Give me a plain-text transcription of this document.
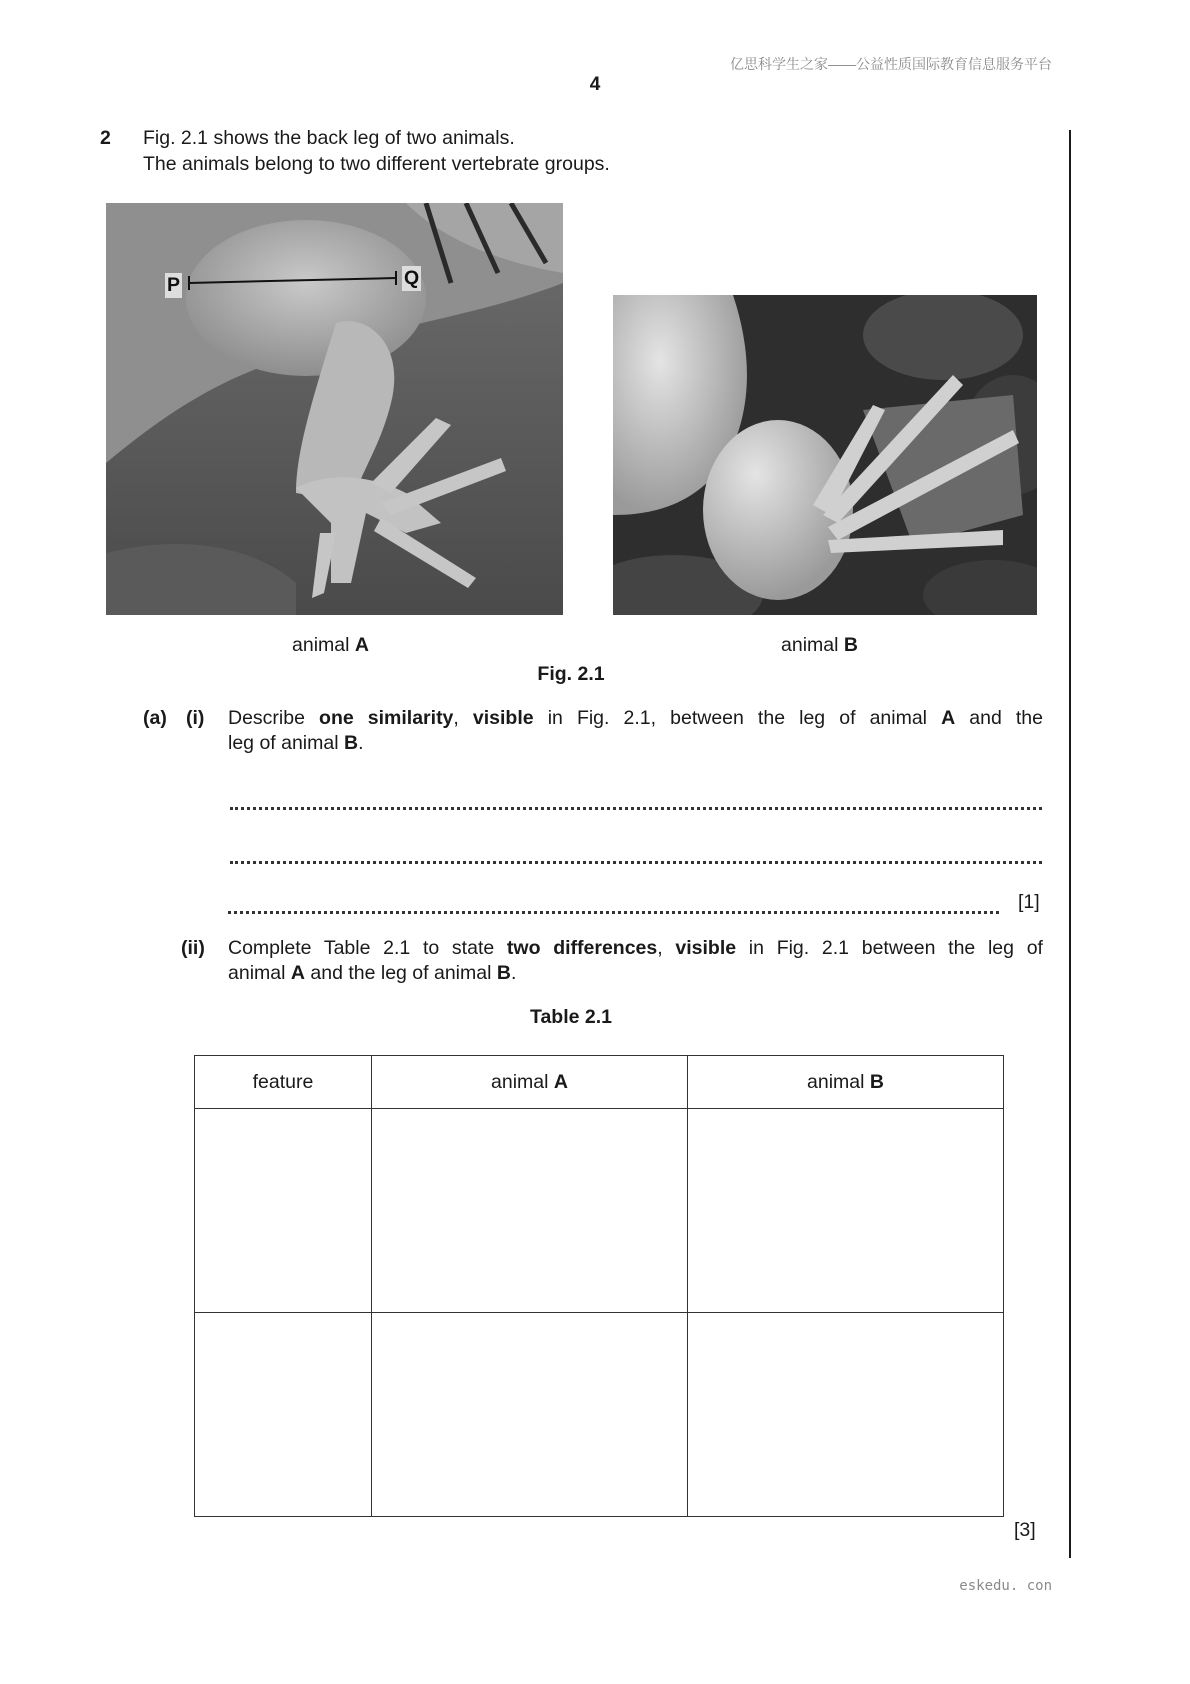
亿思科学生之家——公益性质国际教育信息服务平台
4
2 Fig. 2.1 shows the back leg of two animals.
The animals belong to two different vertebrate groups.
P	Q
animal A	animal B
Fig. 2.1
(a) (i) Describe one similarity, visible in Fig. 2.1, between the leg of animal A and the
leg of animal B.
[1]
(ii) Complete Table 2.1 to state two differences, visible in Fig. 2.1 between the leg of
animal A and the leg of animal B.
Table 2.1
feature	animal A	animal B

[3]
eskedu. con
